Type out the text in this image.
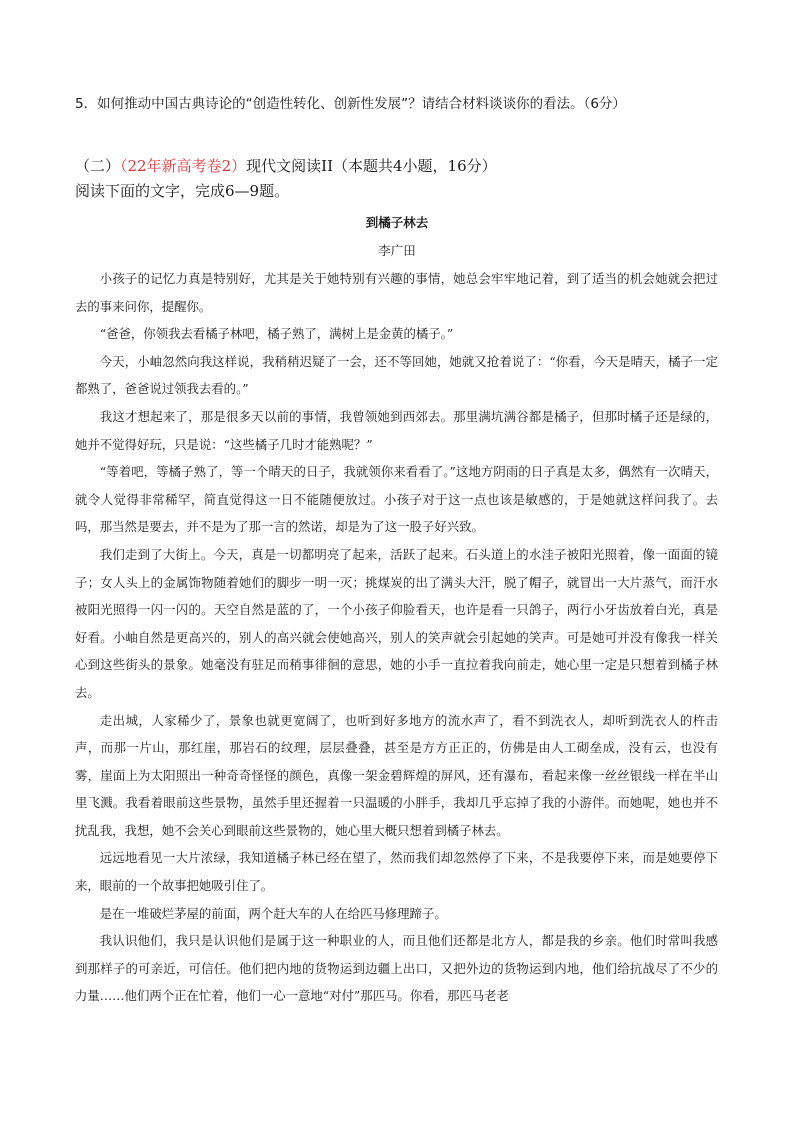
5．如何推动中国古典诗论的“创造性转化、创新性发展”？请结合材料谈谈你的看法。（6分）
（二）（22年新高考卷2）现代文阅读II（本题共4小题，16分）
阅读下面的文字，完成6—9题。
到橘子林去
李广田

小孩子的记忆力真是特别好，尤其是关于她特别有兴趣的事情，她总会牢牢地记着，到了适当的机会她就会把过去的事来问你，提醒你。

“爸爸，你领我去看橘子林吧，橘子熟了，满树上是金黄的橘子。”

今天，小岫忽然向我这样说，我稍稍迟疑了一会，还不等回她，她就又抢着说了：“你看，今天是晴天，橘子一定都熟了，爸爸说过领我去看的。”

我这才想起来了，那是很多天以前的事情，我曾领她到西郊去。那里满坑满谷都是橘子，但那时橘子还是绿的，她并不觉得好玩，只是说：“这些橘子几时才能熟呢？”

“等着吧，等橘子熟了，等一个晴天的日子，我就领你来看看了。”这地方阴雨的日子真是太多，偶然有一次晴天，就令人觉得非常稀罕，简直觉得这一日不能随便放过。小孩子对于这一点也该是敏感的，于是她就这样问我了。去吗，那当然是要去，并不是为了那一言的然诺，却是为了这一股子好兴致。

我们走到了大街上。今天，真是一切都明亮了起来，活跃了起来。石头道上的水洼子被阳光照着，像一面面的镜子；女人头上的金属饰物随着她们的脚步一明一灭；挑煤炭的出了满头大汗，脱了帽子，就冒出一大片蒸气，而汗水被阳光照得一闪一闪的。天空自然是蓝的了，一个小孩子仰脸看天，也许是看一只鸽子，两行小牙齿放着白光，真是好看。小岫自然是更高兴的，别人的高兴就会使她高兴，别人的笑声就会引起她的笑声。可是她可并没有像我一样关心到这些街头的景象。她毫没有驻足而稍事徘徊的意思，她的小手一直拉着我向前走，她心里一定是只想着到橘子林去。

走出城，人家稀少了，景象也就更宽阔了，也听到好多地方的流水声了，看不到洗衣人，却听到洗衣人的杵击声，而那一片山，那红崖，那岩石的纹理，层层叠叠，甚至是方方正正的，仿佛是由人工砌垒成，没有云，也没有雾，崖面上为太阳照出一种奇奇怪怪的颜色，真像一架金碧辉煌的屏风，还有瀑布，看起来像一丝丝银线一样在半山里飞溅。我看着眼前这些景物，虽然手里还握着一只温暖的小胖手，我却几乎忘掉了我的小游伴。而她呢，她也并不扰乱我，我想，她不会关心到眼前这些景物的，她心里大概只想着到橘子林去。

远远地看见一大片浓绿，我知道橘子林已经在望了，然而我们却忽然停了下来，不是我要停下来，而是她要停下来，眼前的一个故事把她吸引住了。

是在一堆破烂茅屋的前面，两个赶大车的人在给匹马修理蹄子。

我认识他们，我只是认识他们是属于这一种职业的人，而且他们还都是北方人，都是我的乡亲。他们时常叫我感到那样子的可亲近，可信任。他们把内地的货物运到边疆上出口，又把外边的货物运到内地，他们给抗战尽了不少的力量……他们两个正在忙着，他们一心一意地“对付”那匹马。你看，那匹马老老
